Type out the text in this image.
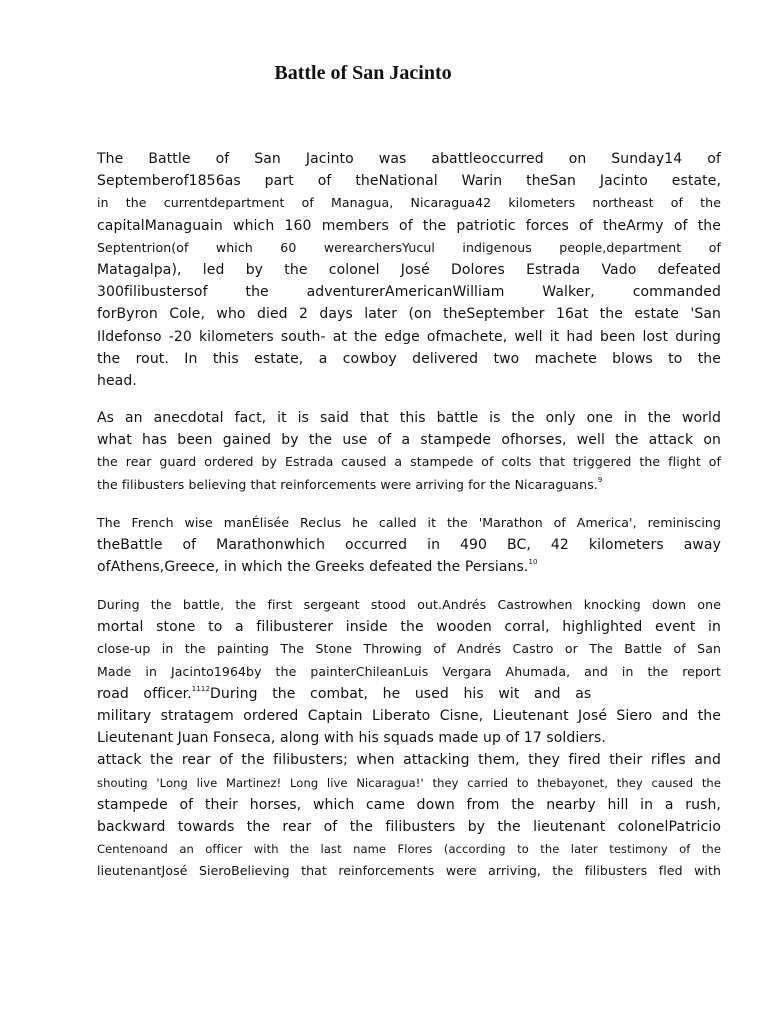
Battle of San Jacinto
The Battle of San Jacinto was abattleoccurred on Sunday14 of
Septemberof1856as part of theNational Warin theSan Jacinto estate,
in the currentdepartment of Managua, Nicaragua42 kilometers northeast of the
capitalManaguain which 160 members of the patriotic forces of theArmy of the
Septentrion(of which 60 werearchersYucul indigenous people,department of
Matagalpa), led by the colonel José Dolores Estrada Vado defeated
300filibustersof the adventurerAmericanWilliam Walker, commanded
forByron Cole, who died 2 days later (on theSeptember 16at the estate 'San
Ildefonso -20 kilometers south- at the edge ofmachete, well it had been lost during
the rout. In this estate, a cowboy delivered two machete blows to the
head.
As an anecdotal fact, it is said that this battle is the only one in the world
what has been gained by the use of a stampede ofhorses, well the attack on
the rear guard ordered by Estrada caused a stampede of colts that triggered the flight of
the filibusters believing that reinforcements were arriving for the Nicaraguans.$^9$
The French wise manÉlisée Reclus he called it the 'Marathon of America', reminiscing
theBattle of Marathonwhich occurred in 490 BC, 42 kilometers away
ofAthens,Greece, in which the Greeks defeated the Persians.$^{10}$
During the battle, the first sergeant stood out.Andrés Castrowhen knocking down one
mortal stone to a filibusterer inside the wooden corral, highlighted event in
close-up in the painting The Stone Throwing of Andrés Castro or The Battle of San
Made in Jacinto1964by the painterChileanLuis Vergara Ahumada, and in the report
road officer.$^{1112}$During the combat, he used his wit and as
military stratagem ordered Captain Liberato Cisne, Lieutenant José Siero and the
Lieutenant Juan Fonseca, along with his squads made up of 17 soldiers.
attack the rear of the filibusters; when attacking them, they fired their rifles and
shouting 'Long live Martinez! Long live Nicaragua!' they carried to thebayonet, they caused the
stampede of their horses, which came down from the nearby hill in a rush,
backward towards the rear of the filibusters by the lieutenant colonelPatricio
Centenoand an officer with the last name Flores (according to the later testimony of the
lieutenantJosé SieroBelieving that reinforcements were arriving, the filibusters fled with
